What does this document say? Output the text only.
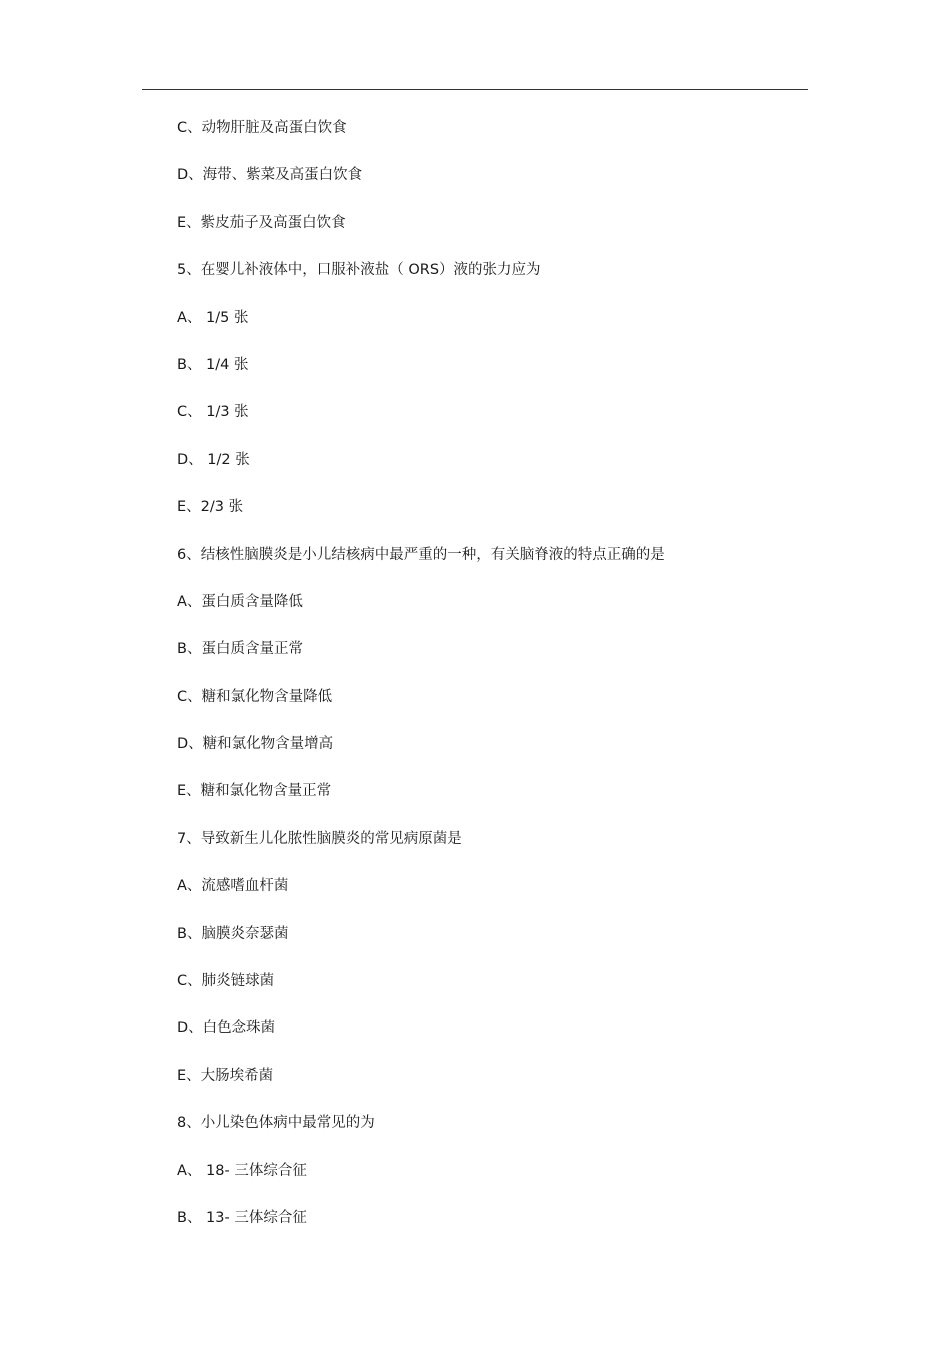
C、动物肝脏及高蛋白饮食
D、海带、紫菜及高蛋白饮食
E、紫皮茄子及高蛋白饮食
5、在婴儿补液体中，口服补液盐（ ORS）液的张力应为
A、 1/5 张
B、 1/4 张
C、 1/3 张
D、 1/2 张
E、2/3 张
6、结核性脑膜炎是小儿结核病中最严重的一种，有关脑脊液的特点正确的是
A、蛋白质含量降低
B、蛋白质含量正常
C、糖和氯化物含量降低
D、糖和氯化物含量增高
E、糖和氯化物含量正常
7、导致新生儿化脓性脑膜炎的常见病原菌是
A、流感嗜血杆菌
B、脑膜炎奈瑟菌
C、肺炎链球菌
D、白色念珠菌
E、大肠埃希菌
8、小儿染色体病中最常见的为
A、 18- 三体综合征
B、 13- 三体综合征
